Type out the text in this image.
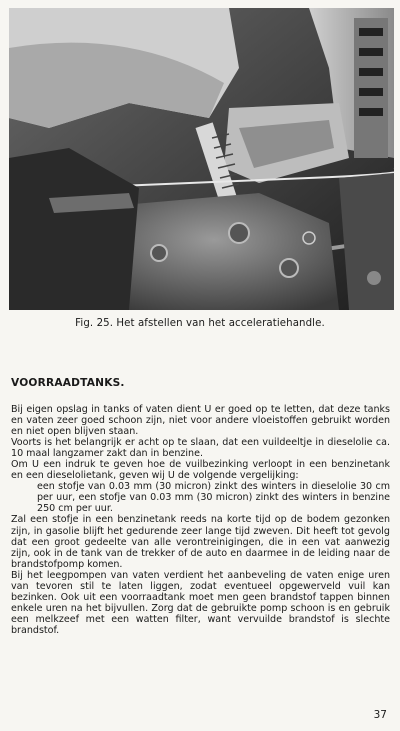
Fig. 25. Het afstellen van het acceleratiehandle.
VOORRAADTANKS.

Bij eigen opslag in tanks of vaten dient U er goed op te letten, dat deze tanks en vaten zeer goed schoon zijn, niet voor andere vloeistoffen gebruikt worden en niet open blijven staan.

Voorts is het belangrijk er acht op te slaan, dat een vuildeeltje in dieselolie ca. 10 maal langzamer zakt dan in benzine.

Om U een indruk te geven hoe de vuilbezinking verloopt in een benzinetank en een dieselolietank, geven wij U de volgende vergelijking:

een stofje van 0.03 mm (30 micron) zinkt des winters in dieselolie 30 cm per uur, een stofje van 0.03 mm (30 micron) zinkt des winters in benzine 250 cm per uur.

Zal een stofje in een benzinetank reeds na korte tijd op de bodem gezonken zijn, in gasolie blijft het gedurende zeer lange tijd zweven. Dit heeft tot gevolg dat een groot gedeelte van alle verontreinigingen, die in een vat aanwezig zijn, ook in de tank van de trekker of de auto en daarmee in de leiding naar de brandstofpomp komen.

Bij het leegpompen van vaten verdient het aanbeveling de vaten enige uren van tevoren stil te laten liggen, zodat eventueel opgewerveld vuil kan bezinken. Ook uit een voorraadtank moet men geen brandstof tappen binnen enkele uren na het bijvullen. Zorg dat de gebruikte pomp schoon is en gebruik een melkzeef met een watten filter, want vervuilde brandstof is slechte brandstof.

37
